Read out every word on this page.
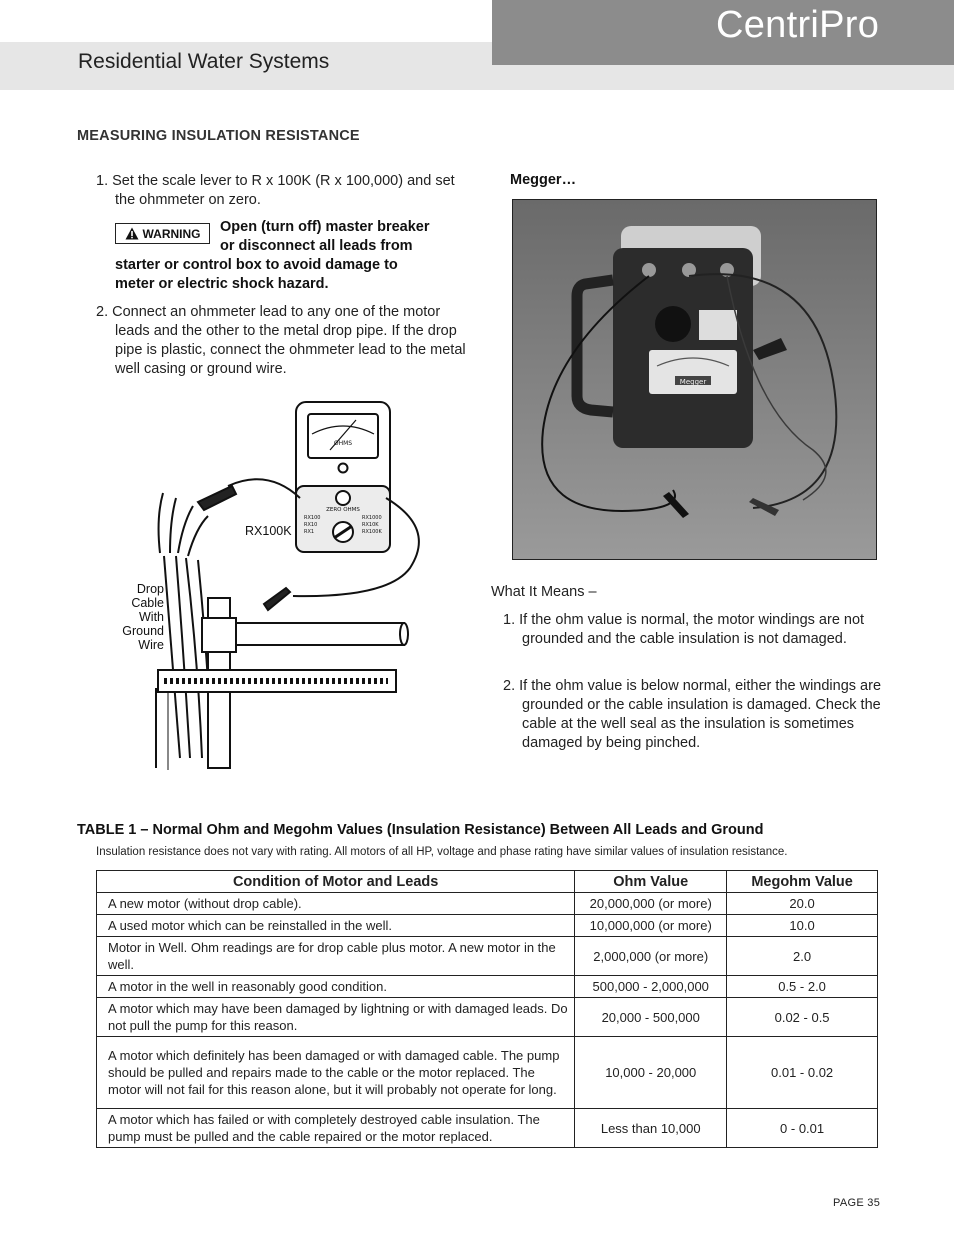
Residential Water Systems
CentriPro
MEASURING INSULATION RESISTANCE
1. Set the scale lever to R x 100K (R x 100,000) and set the ohmmeter on zero.
WARNING Open (turn off) master breaker
or disconnect all leads from
starter or control box to avoid damage to
meter or electric shock hazard.
2. Connect an ohmmeter lead to any one of the motor leads and the other to the metal drop pipe. If the drop pipe is plastic, connect the ohmmeter lead to the metal well casing or ground wire.
OHMS
ZERO OHMS
RX100
RX10
RX1
RX1000
RX10K
RX100K
RX100K
Drop
Cable
With
Ground
Wire
Megger…
Megger
What It Means –
1. If the ohm value is normal, the motor windings are not grounded and the cable insulation is not damaged.
2. If the ohm value is below normal, either the windings are grounded or the cable insulation is damaged. Check the cable at the well seal as the insulation is sometimes damaged by being pinched.
TABLE 1 – Normal Ohm and Megohm Values (Insulation Resistance) Between All Leads and Ground
Insulation resistance does not vary with rating. All motors of all HP, voltage and phase rating have similar values of insulation resistance.
Condition of Motor and Leads	Ohm Value	Megohm Value
A new motor (without drop cable).	20,000,000 (or more)	20.0
A used motor which can be reinstalled in the well.	10,000,000 (or more)	10.0
Motor in Well. Ohm readings are for drop cable plus motor. A new motor in the well.	2,000,000 (or more)	2.0
A motor in the well in reasonably good condition.	500,000 - 2,000,000	0.5 - 2.0
A motor which may have been damaged by lightning or with damaged leads. Do not pull the pump for this reason.	20,000 - 500,000	0.02 - 0.5
A motor which definitely has been damaged or with damaged cable. The pump should be pulled and repairs made to the cable or the motor replaced. The motor will not fail for this reason alone, but it will probably not operate for long.	10,000 - 20,000	0.01 - 0.02
A motor which has failed or with completely destroyed cable insulation. The pump must be pulled and the cable repaired or the motor replaced.	Less than 10,000	0 - 0.01
PAGE 35
